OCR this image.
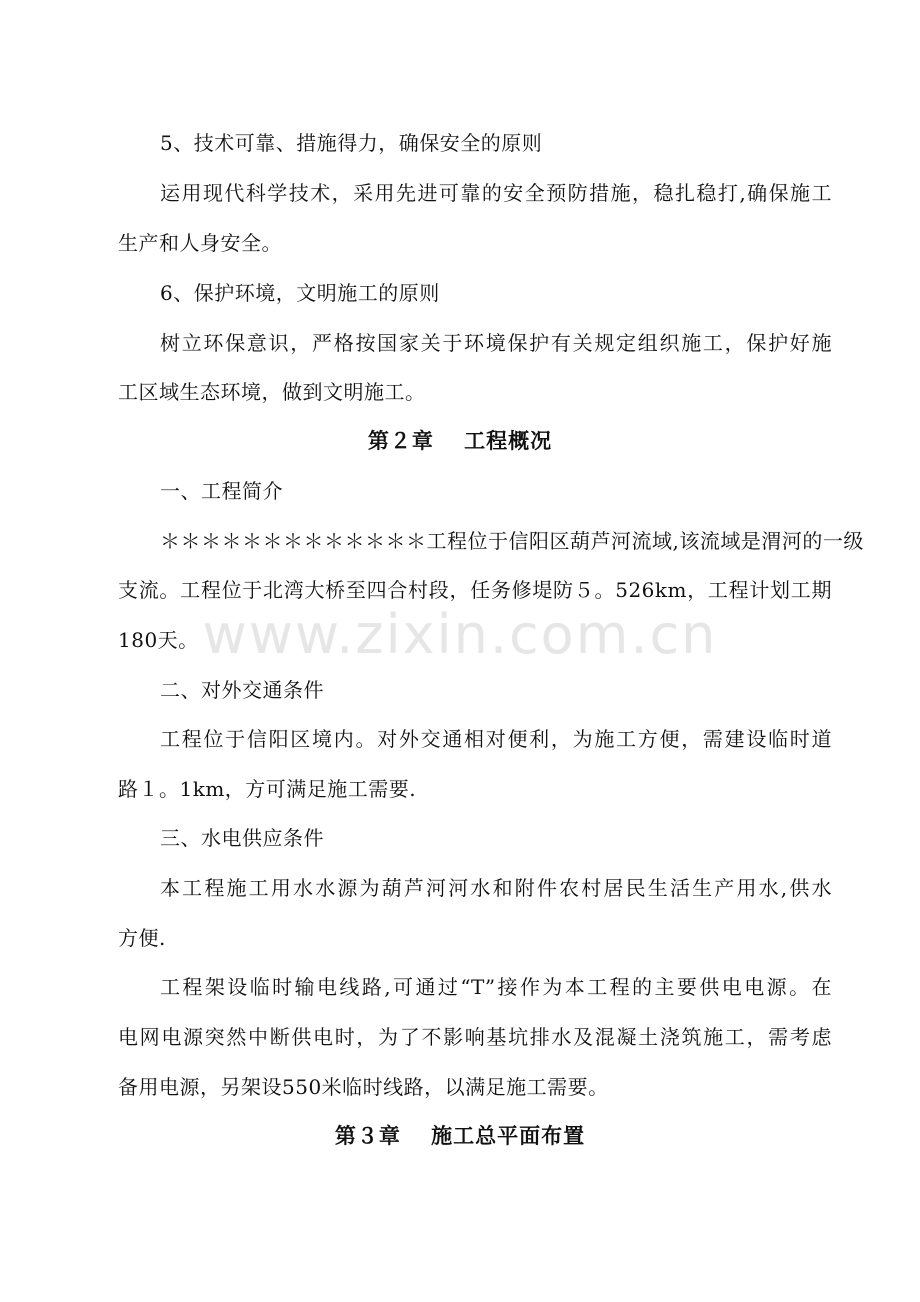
www.zixin.com.cn
5、技术可靠、措施得力，确保安全的原则
运用现代科学技术，采用先进可靠的安全预防措施，稳扎稳打,确保施工
生产和人身安全。
6、保护环境，文明施工的原则
树立环保意识，严格按国家关于环境保护有关规定组织施工，保护好施
工区域生态环境，做到文明施工。
第２章　 工程概况
一、工程简介
＊＊＊＊＊＊＊＊＊＊＊＊＊工程位于信阳区葫芦河流域,该流域是渭河的一级
支流。工程位于北湾大桥至四合村段，任务修堤防５。526km，工程计划工期
180天。
二、对外交通条件
工程位于信阳区境内。对外交通相对便利，为施工方便，需建设临时道
路１。1km，方可满足施工需要.
三、水电供应条件
本工程施工用水水源为葫芦河河水和附件农村居民生活生产用水,供水
方便.
工程架设临时输电线路,可通过“T”接作为本工程的主要供电电源。在
电网电源突然中断供电时，为了不影响基坑排水及混凝土浇筑施工，需考虑
备用电源，另架设550米临时线路，以满足施工需要。
第３章　 施工总平面布置
